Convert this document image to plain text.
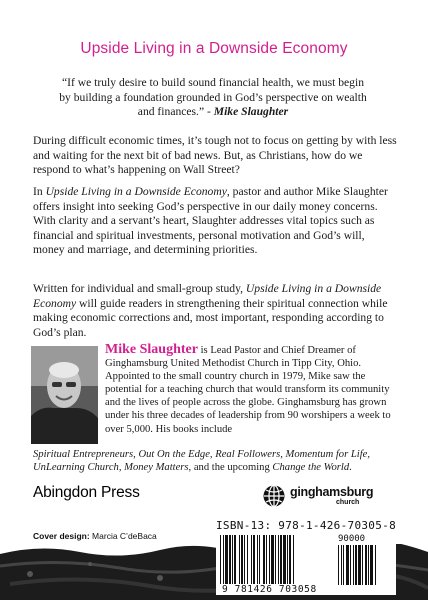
Upside Living in a Downside Economy
“If we truly desire to build sound financial health, we must begin by building a foundation grounded in God’s perspective on wealth and finances.” - Mike Slaughter
During difficult economic times, it’s tough not to focus on getting by with less and waiting for the next bit of bad news. But, as Christians, how do we respond to what’s happening on Wall Street?
In Upside Living in a Downside Economy, pastor and author Mike Slaughter offers insight into seeking God’s perspective in our daily money concerns. With clarity and a servant’s heart, Slaughter addresses vital topics such as financial and spiritual investments, personal motivation and God’s will, money and marriage, and determining priorities.
Written for individual and small-group study, Upside Living in a Downside Economy will guide readers in strengthening their spiritual connection while making economic corrections and, most important, responding according to God’s plan.
Mike Slaughter is Lead Pastor and Chief Dreamer of Ginghamsburg United Methodist Church in Tipp City, Ohio. Appointed to the small country church in 1979, Mike saw the potential for a teaching church that would transform its community and the lives of people across the globe. Ginghamsburg has grown under his three decades of leadership from 90 worshipers a week to over 5,000. His books include
Spiritual Entrepreneurs, Out On the Edge, Real Followers, Momentum for Life, UnLearning Church, Money Matters, and the upcoming Change the World.
Abingdon Press	ginghamsburg
church
Cover design: Marcia C’deBaca
ISBN-13: 978-1-426-70305-8
90000
9 781426 703058
